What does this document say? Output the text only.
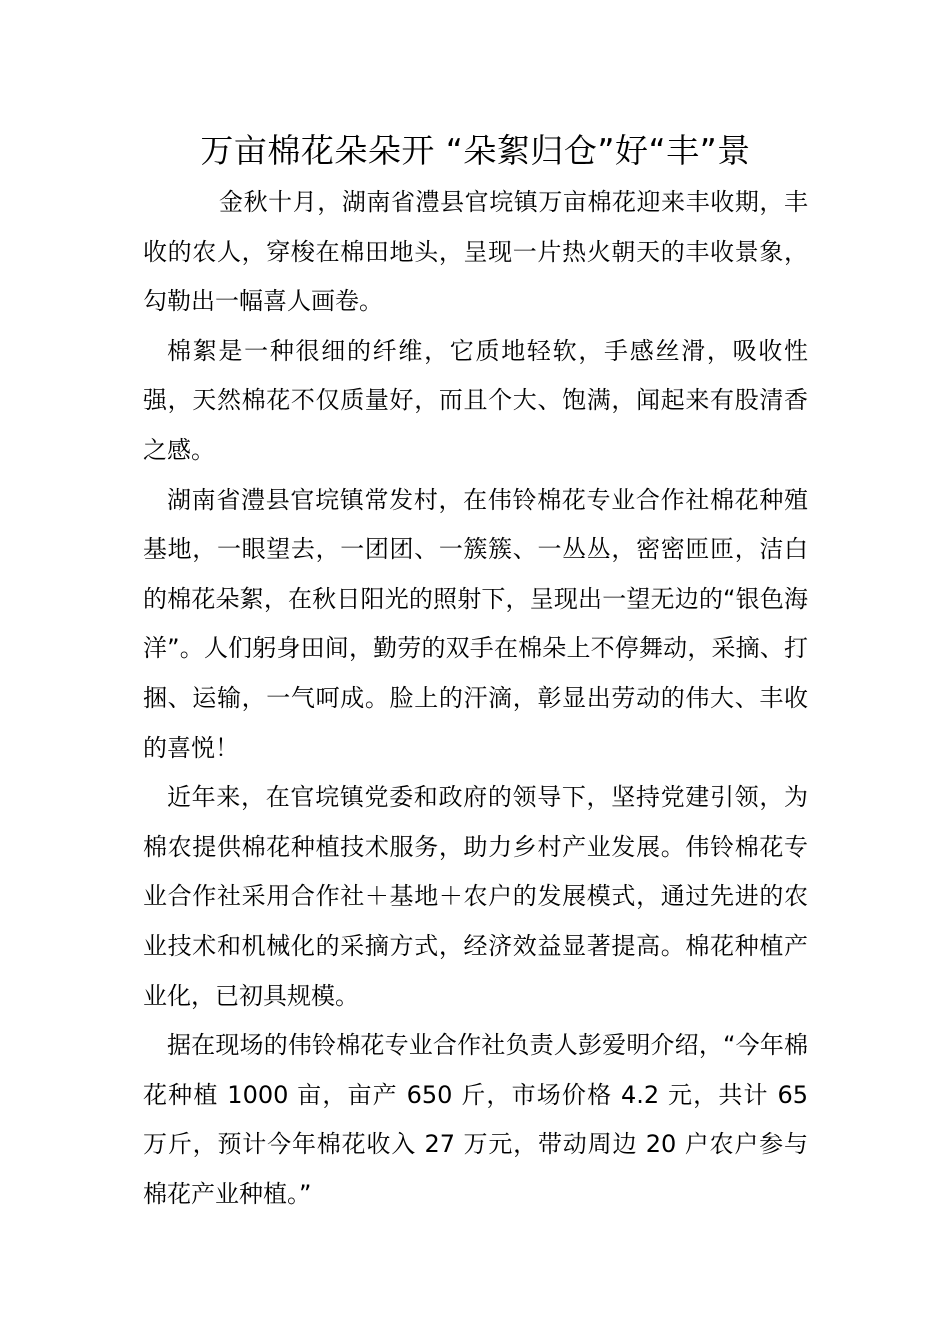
万亩棉花朵朵开 “朵絮归仓”好“丰”景

金秋十月，湖南省澧县官垸镇万亩棉花迎来丰收期，丰收的农人，穿梭在棉田地头，呈现一片热火朝天的丰收景象，勾勒出一幅喜人画卷。

棉絮是一种很细的纤维，它质地轻软，手感丝滑，吸收性强，天然棉花不仅质量好，而且个大、饱满，闻起来有股清香之感。

湖南省澧县官垸镇常发村，在伟铃棉花专业合作社棉花种殖基地，一眼望去，一团团、一簇簇、一丛丛，密密匝匝，洁白的棉花朵絮，在秋日阳光的照射下，呈现出一望无边的“银色海洋”。人们躬身田间，勤劳的双手在棉朵上不停舞动，采摘、打捆、运输，一气呵成。脸上的汗滴，彰显出劳动的伟大、丰收的喜悦！

近年来，在官垸镇党委和政府的领导下，坚持党建引领，为棉农提供棉花种植技术服务，助力乡村产业发展。伟铃棉花专业合作社采用合作社＋基地＋农户的发展模式，通过先进的农业技术和机械化的采摘方式，经济效益显著提高。棉花种植产业化，已初具规模。

据在现场的伟铃棉花专业合作社负责人彭爱明介绍，“今年棉花种植 1000 亩，亩产 650 斤，市场价格 4.2 元，共计 65 万斤，预计今年棉花收入 27 万元，带动周边 20 户农户参与棉花产业种植。”
